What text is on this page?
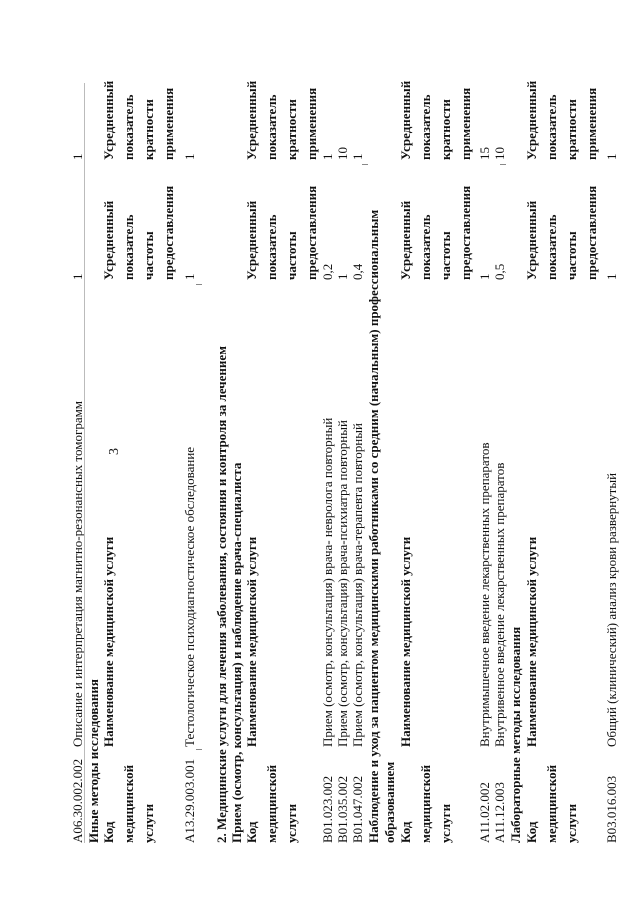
3
A06.30.002.002
Описание и интерпретация магнитно-резонансных томограмм
1
1
Иные методы исследования Код медицинской услуги
Наименование медицинской услуги
Усредненный показатель частоты предоставления
Усредненный показатель кратности применения
A13.29.003.001
Тестологическое психодиагностическое обследование
1
1
2. Медицинские услуги для лечения заболевания, состояния и контроля за лечением Прием (осмотр, консультация) и наблюдение врача-специалиста Код медицинской услуги
Наименование медицинской услуги
Усредненный показатель частоты предоставления
Усредненный показатель кратности применения
B01.023.002
Прием (осмотр, консультация) врача- невролога повторный
0,2
1
B01.035.002
Прием (осмотр, консультация) врача-психиатра повторный
1
10
B01.047.002
Прием (осмотр, консультация) врача-терапевта повторный
0,4
1
Наблюдение и уход за пациентом медицинскими работниками со средним (начальным) профессиональным образованием Код медицинской услуги
Наименование медицинской услуги
Усредненный показатель частоты предоставления
Усредненный показатель кратности применения
A11.02.002
Внутримышечное введение лекарственных препаратов
1
15
A11.12.003
Внутривенное введение лекарственных препаратов
0,5
10
Лабораторные методы исследования Код медицинской услуги
Наименование медицинской услуги
Усредненный показатель частоты предоставления
Усредненный показатель кратности применения
B03.016.003
Общий (клинический) анализ крови развернутый
1
1
